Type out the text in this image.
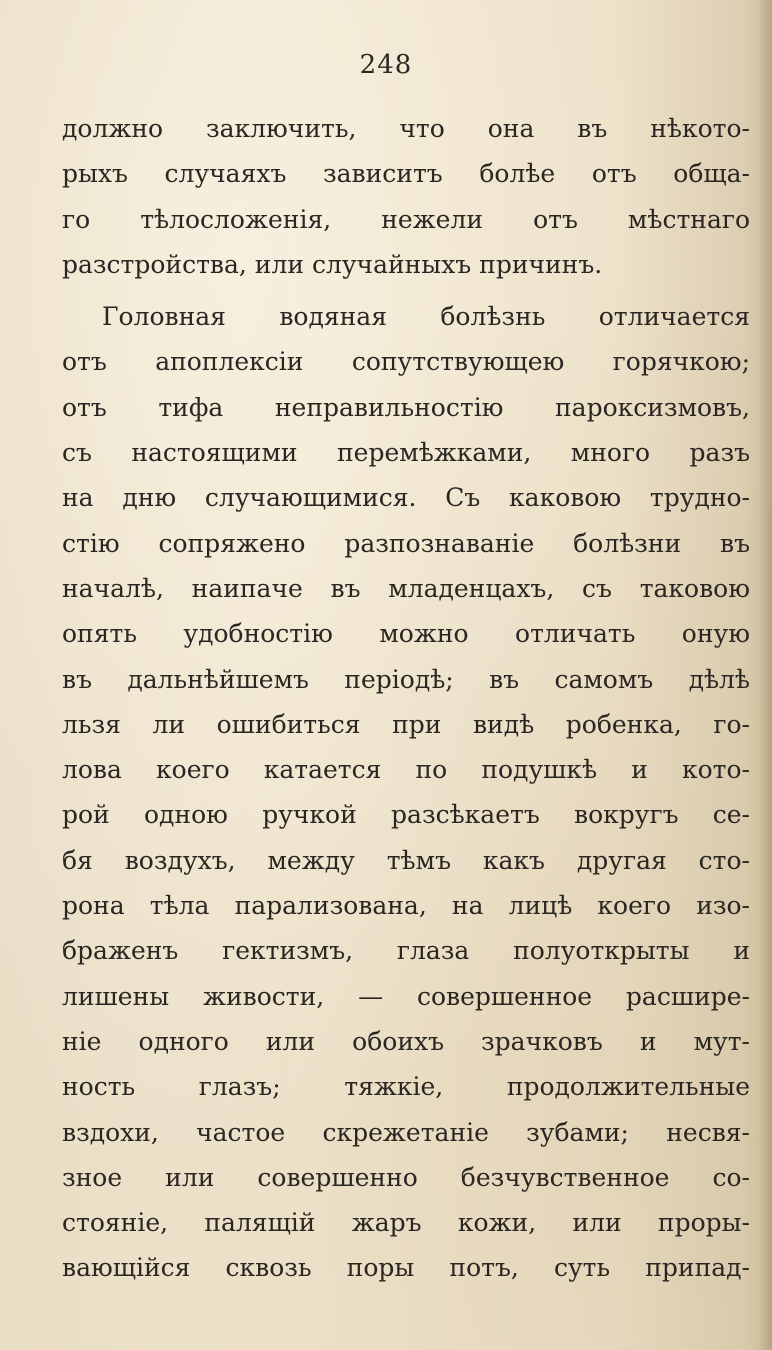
248
должно заключить, что она въ нѣкото-
рыхъ случаяхъ зависитъ болѣе отъ обща-
го тѣлосложенія, нежели отъ мѣстнаго
разстройства, или случайныхъ причинъ.
Головная водяная болѣзнь отличается
отъ апоплексіи сопутствующею горячкою;
отъ тифа неправильностію пароксизмовъ,
съ настоящими перемѣжками, много разъ
на дню случающимися. Съ каковою трудно-
стію сопряжено разпознаваніе болѣзни въ
началѣ, наипаче въ младенцахъ, съ таковою
опять удобностію можно отличать оную
въ дальнѣйшемъ періодѣ; въ самомъ дѣлѣ
льзя ли ошибиться при видѣ робенка, го-
лова коего катается по подушкѣ и кото-
рой одною ручкой разсѣкаетъ вокругъ се-
бя воздухъ, между тѣмъ какъ другая сто-
рона тѣла парализована, на лицѣ коего изо-
браженъ гектизмъ, глаза полуоткрыты и
лишены живости, — совершенное расшире-
ніе одного или обоихъ зрачковъ и мут-
ность глазъ; тяжкіе, продолжительные
вздохи, частое скрежетаніе зубами; несвя-
зное или совершенно безчувственное со-
стояніе, палящій жаръ кожи, или проры-
вающійся сквозь поры потъ, суть припад-
